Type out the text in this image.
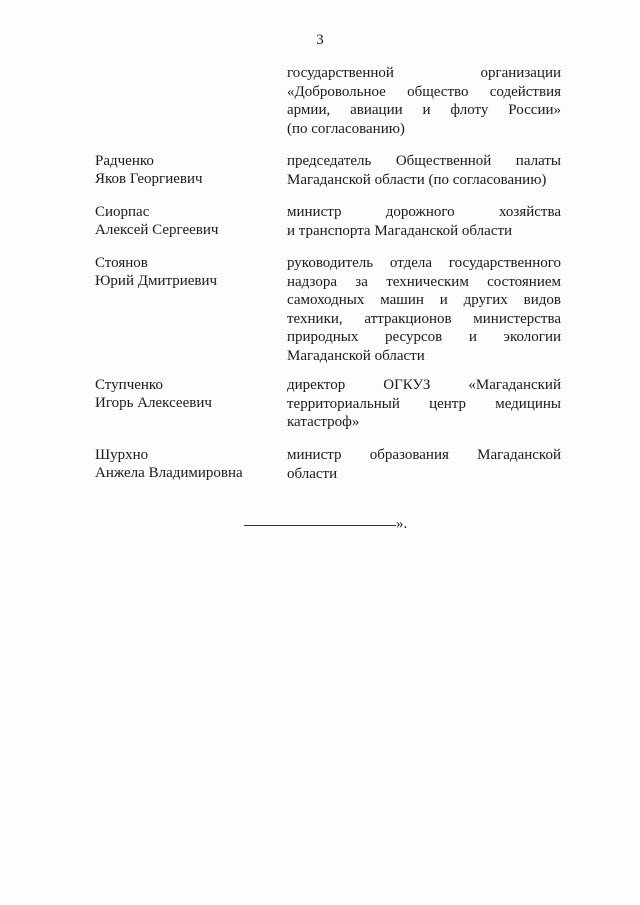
3
государственной организации
«Добровольное общество содействия
армии, авиации и флоту России»
(по согласованию)
Радченко
Яков Георгиевич
председатель Общественной палаты
Магаданской области (по согласованию)
Сиорпас
Алексей Сергеевич
министр дорожного хозяйства
и транспорта Магаданской области
Стоянов
Юрий Дмитриевич
руководитель отдела государственного
надзора за техническим состоянием
самоходных машин и других видов
техники, аттракционов министерства
природных ресурсов и экологии
Магаданской области
Ступченко
Игорь Алексеевич
директор ОГКУЗ «Магаданский
территориальный центр медицины
катастроф»
Шурхно
Анжела Владимировна
министр образования Магаданской
области
».
